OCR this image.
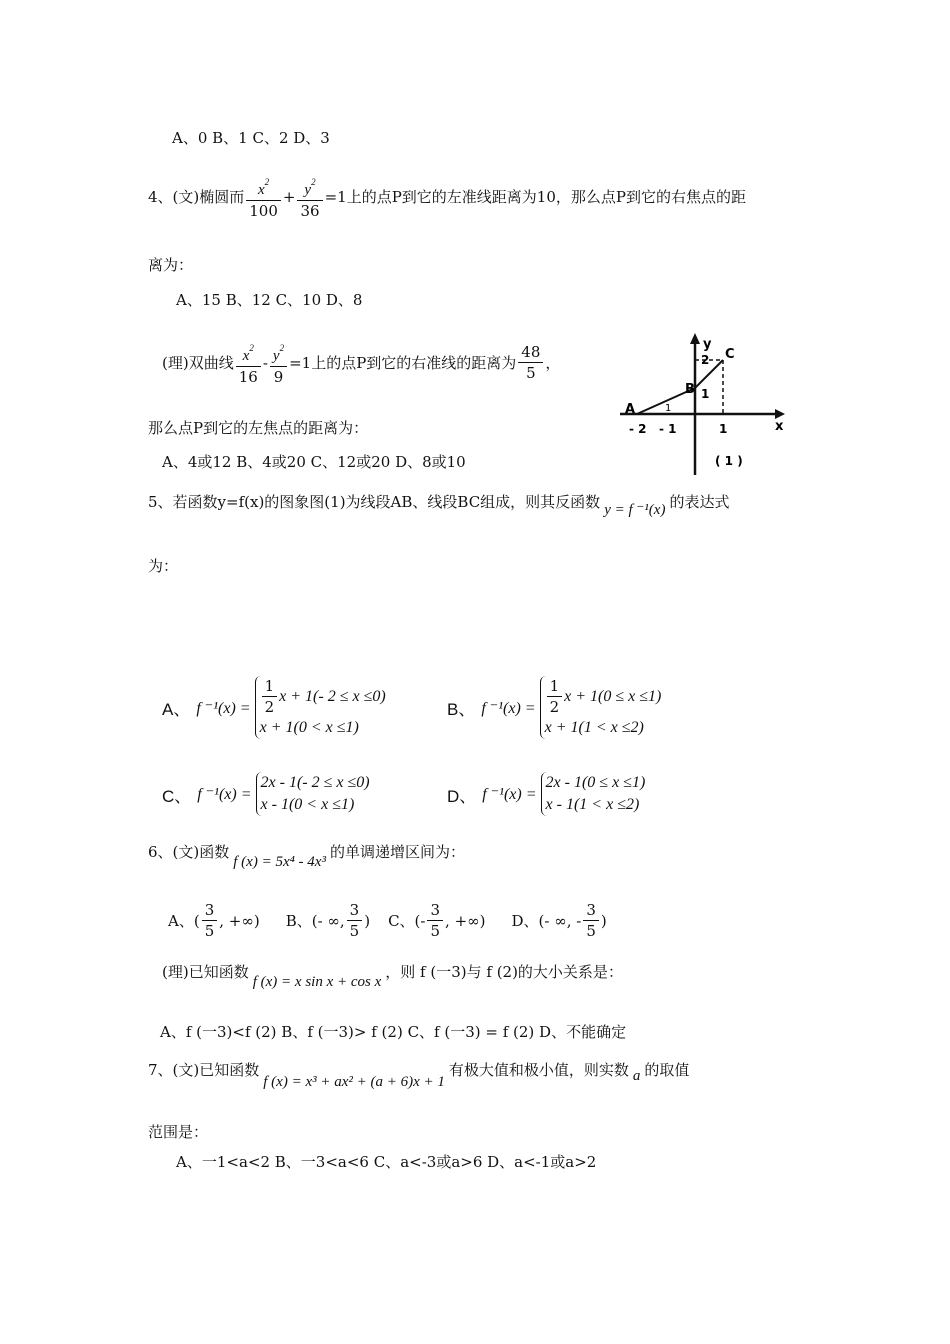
A、0 B、1 C、2 D、3
4、(文)椭圆而 $\frac{x^2}{100} + \frac{y^2}{36} =1$ 上的点P到它的左准线距离为10，那么点P到它的右焦点的距
离为：
A、15 B、12 C、10 D、8
(理)双曲线 $\frac{x^2}{16} - \frac{y^2}{9} =1$ 上的点P到它的右准线的距离为 $\frac{48}{5}$ ，
那么点P到它的左焦点的距离为：
A、4或12 B、4或20 C、12或20 D、8或10
y
x
A
B
C
2
1
1
- 2 - 1	1
( 1 )
5、若函数y=f(x)的图象图(1)为线段AB、线段BC组成，则其反函数 y = f ⁻¹(x) 的表达式
为：
A、 f $^{-1}(x) = \frac{1}{2}$ x + 1(- 2 ≤ x ≤0)
x + 1(0 < x ≤1)
B、 f $^{-1}(x) = \frac{1}{2}$ x + 1(0 ≤ x ≤1)
x + 1(1 < x ≤2)
C、 f ⁻¹(x) =
2x - 1(- 2 ≤ x ≤0)
x - 1(0 < x ≤1)	D、 f ⁻¹(x) =
2x - 1(0 ≤ x ≤1)
x - 1(1 < x ≤2)
6、(文)函数
f (x) = 5x⁴ - 4x³
的单调递增区间为：
A、( $\frac{3}{5}$ , +∞) B、(- ∞, $\frac{3}{5}$ ) C、(- $\frac{3}{5}$ , +∞) D、(- ∞, - $\frac{3}{5}$ )
(理)已知函数
f (x) = x sin x + cos x
，则 f (一3)与 f (2)的大小关系是：
A、f (一3)<f (2) B、f (一3)> f (2) C、f (一3) = f (2) D、不能确定
7、(文)已知函数
f (x) = x³ + ax² + (a + 6)x + 1
有极大值和极小值，则实数 a 的取值
范围是：
A、一1<a<2 B、一3<a<6 C、a<-3或a>6 D、a<-1或a>2
